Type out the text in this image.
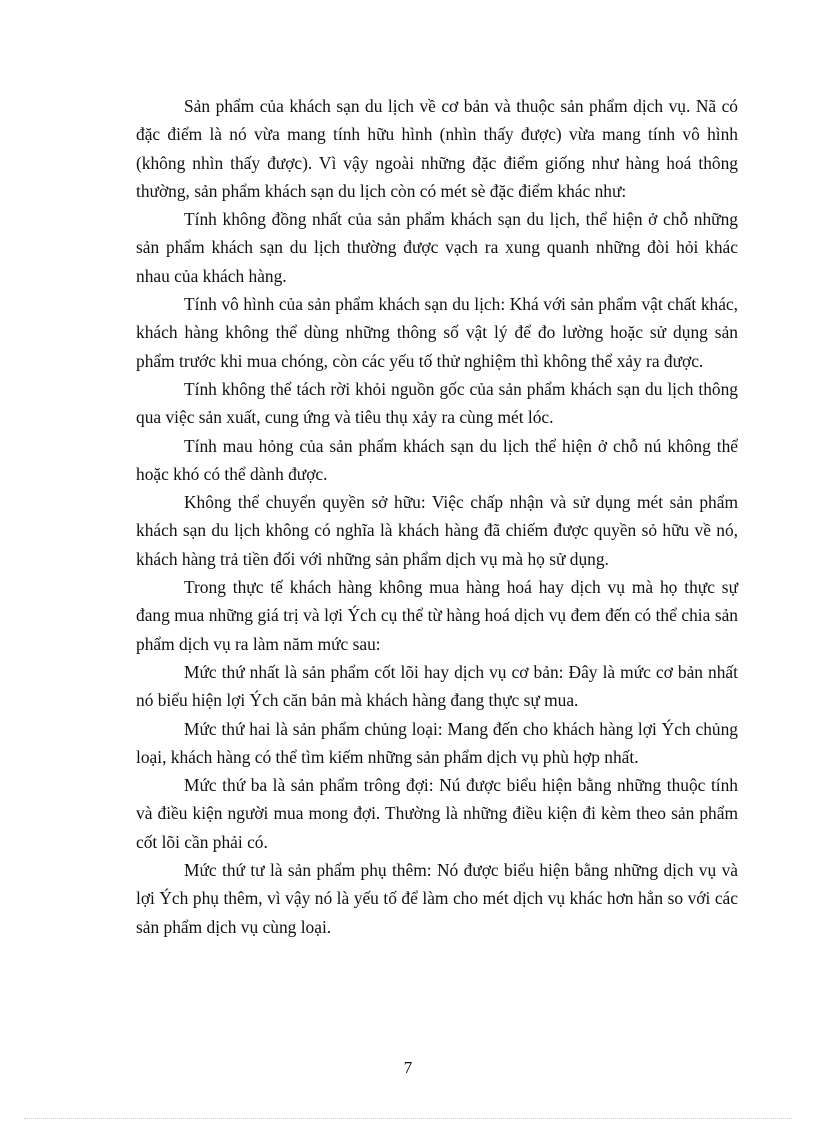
Sản phẩm của khách sạn du lịch về cơ bản và thuộc sản phẩm dịch vụ. Nã có đặc điểm là nó vừa mang tính hữu hình (nhìn thấy được) vừa mang tính vô hình (không nhìn thấy được). Vì vậy ngoài những đặc điểm giống như hàng hoá thông thường, sản phẩm khách sạn du lịch còn có mét sè đặc điểm khác như:

Tính không đồng nhất của sản phẩm khách sạn du lịch, thể hiện ở chỗ những sản phẩm khách sạn du lịch thường được vạch ra xung quanh những đòi hỏi khác nhau của khách hàng.

Tính vô hình của sản phẩm khách sạn du lịch: Khá với sản phẩm vật chất khác, khách hàng không thể dùng những thông số vật lý để đo lường hoặc sử dụng sản phẩm trước khi mua chóng, còn các yếu tố thử nghiệm thì không thể xảy ra được.

Tính không thể tách rời khỏi nguồn gốc của sản phẩm khách sạn du lịch thông qua việc sản xuất, cung ứng và tiêu thụ xảy ra cùng mét lóc.

Tính mau hỏng của sản phẩm khách sạn du lịch thể hiện ở chỗ nú không thể hoặc khó có thể dành được.

Không thể chuyển quyền sở hữu: Việc chấp nhận và sử dụng mét sản phẩm khách sạn du lịch không có nghĩa là khách hàng đã chiếm được quyền sỏ hữu về nó, khách hàng trả tiền đối với những sản phẩm dịch vụ mà họ sử dụng.

Trong thực tế khách hàng không mua hàng hoá hay dịch vụ mà họ thực sự đang mua những giá trị và lợi Ých cụ thể từ hàng hoá dịch vụ đem đến có thể chia sản phẩm dịch vụ ra làm năm mức sau:

Mức thứ nhất là sản phẩm cốt lõi hay dịch vụ cơ bản: Đây là mức cơ bản nhất nó biểu hiện lợi Ých căn bản mà khách hàng đang thực sự mua.

Mức thứ hai là sản phẩm chủng loại: Mang đến cho khách hàng lợi Ých chủng loại, khách hàng có thể tìm kiếm những sản phẩm dịch vụ phù hợp nhất.

Mức thứ ba là sản phẩm trông đợi: Nú được biểu hiện bằng những thuộc tính và điều kiện người mua mong đợi. Thường là những điều kiện đi kèm theo sản phẩm cốt lõi cần phải có.

Mức thứ tư là sản phẩm phụ thêm: Nó được biểu hiện bằng những dịch vụ và lợi Ých phụ thêm, vì vậy nó là yếu tố để làm cho mét dịch vụ khác hơn hẳn so với các sản phẩm dịch vụ cùng loại.

7
